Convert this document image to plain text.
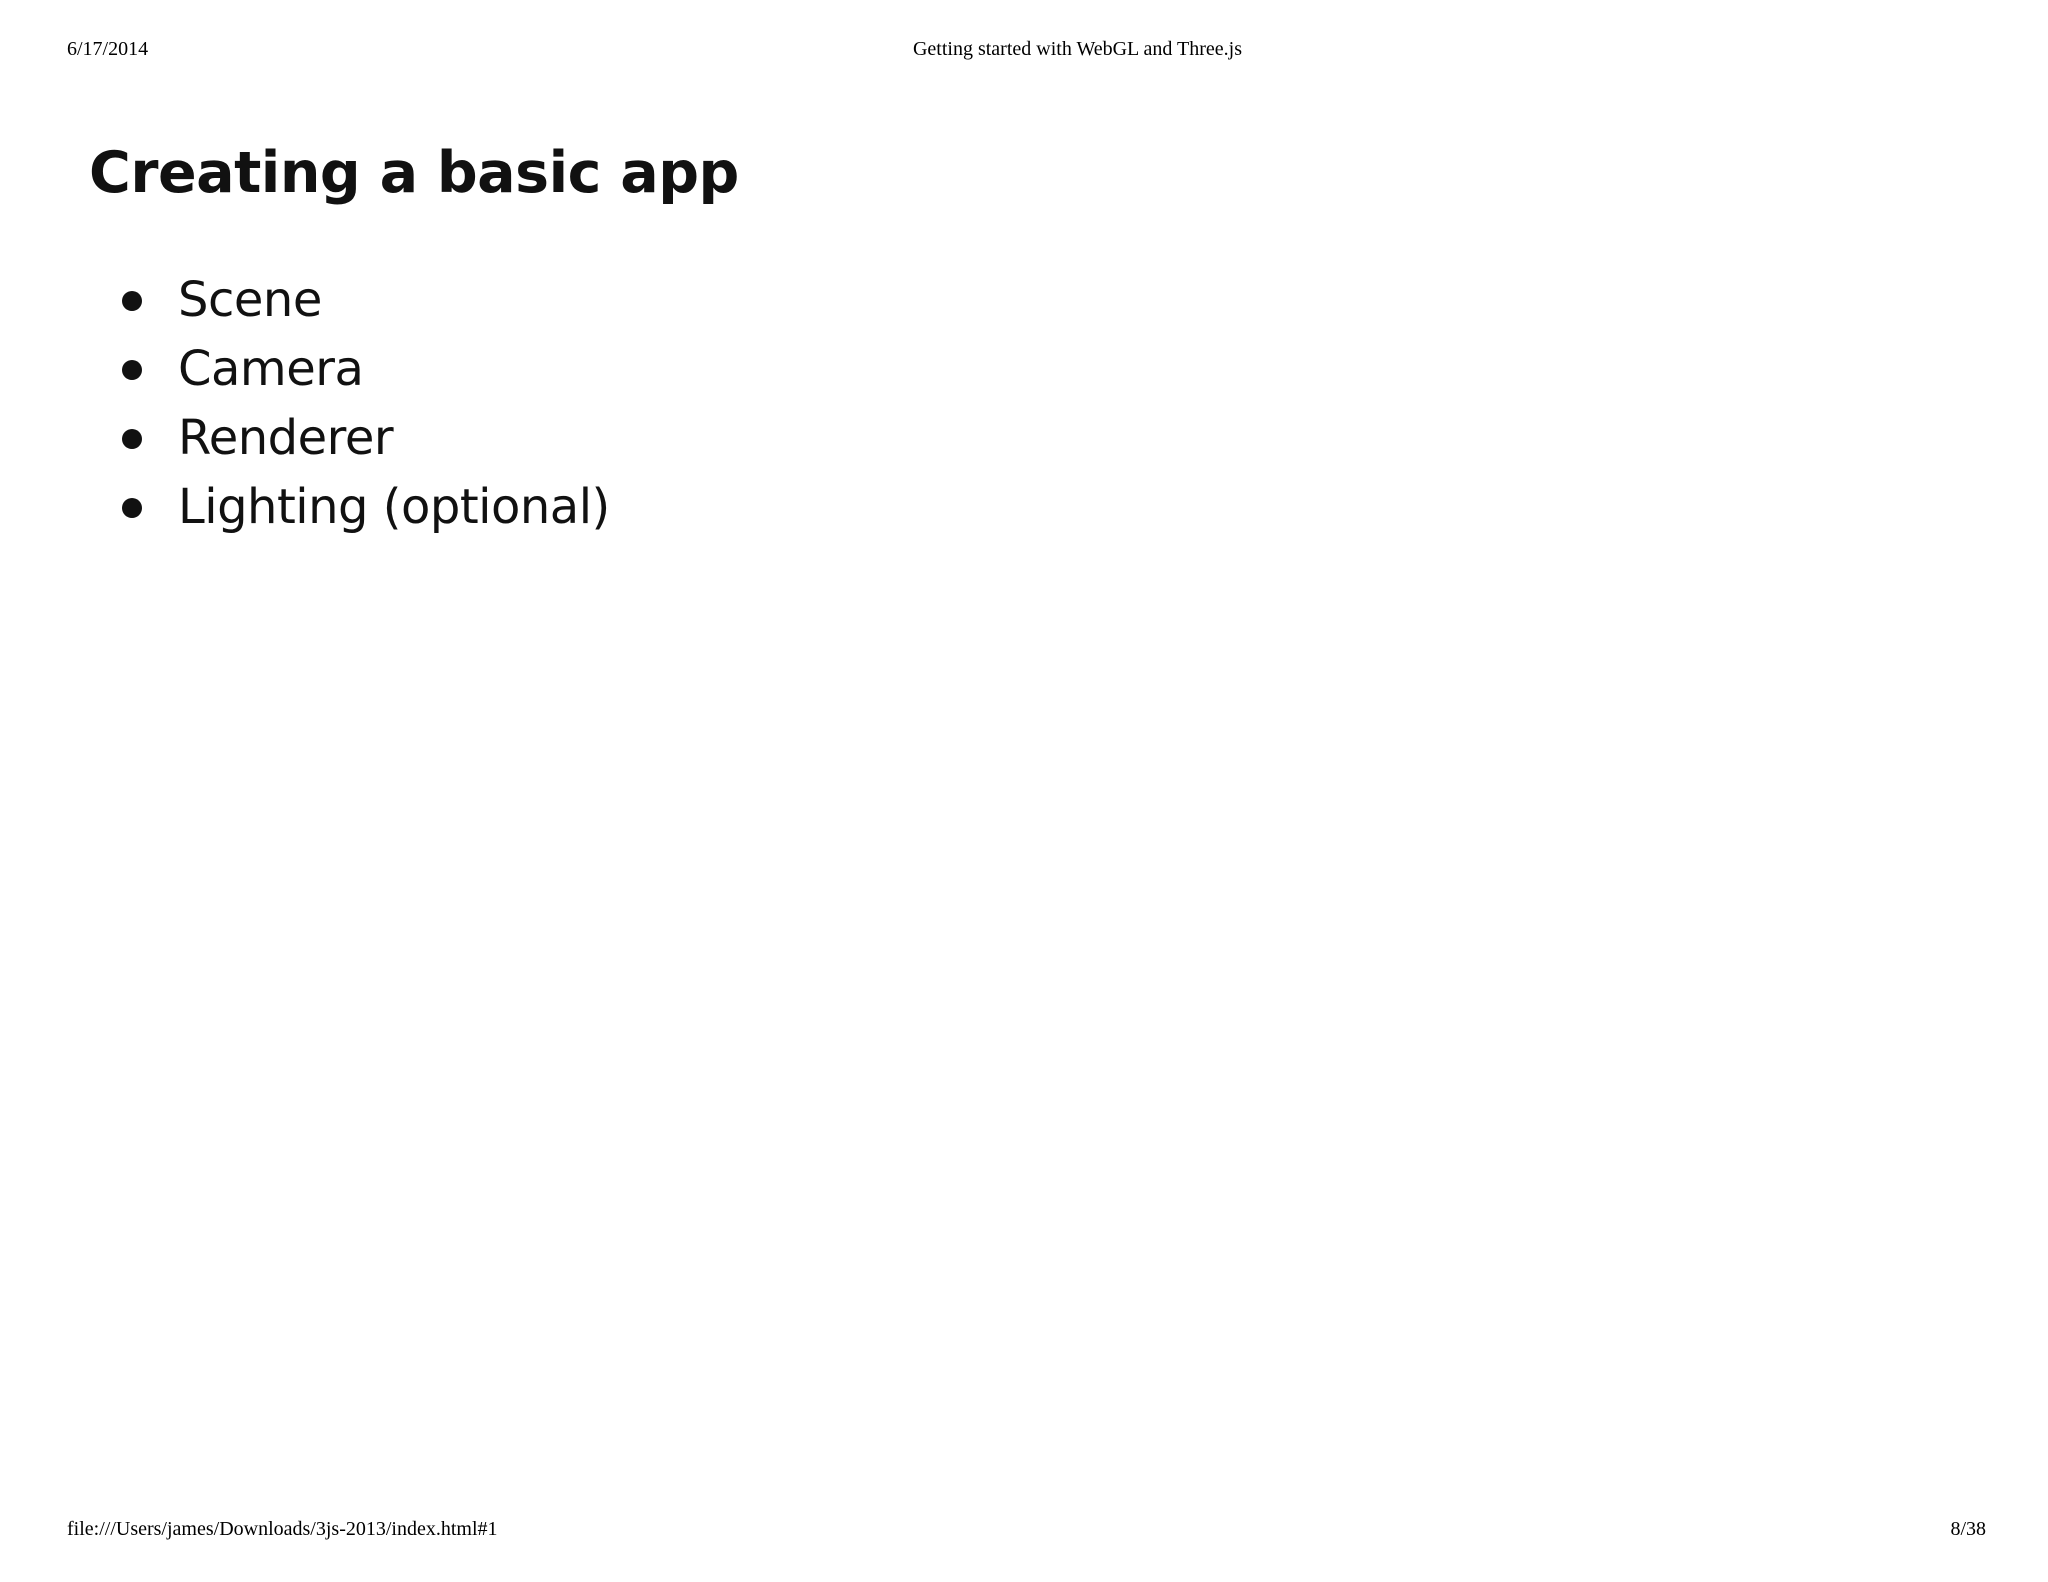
6/17/2014	Getting started with WebGL and Three.js
Creating a basic app
Scene
Camera
Renderer
Lighting (optional)
file:///Users/james/Downloads/3js-2013/index.html#1	8/38
